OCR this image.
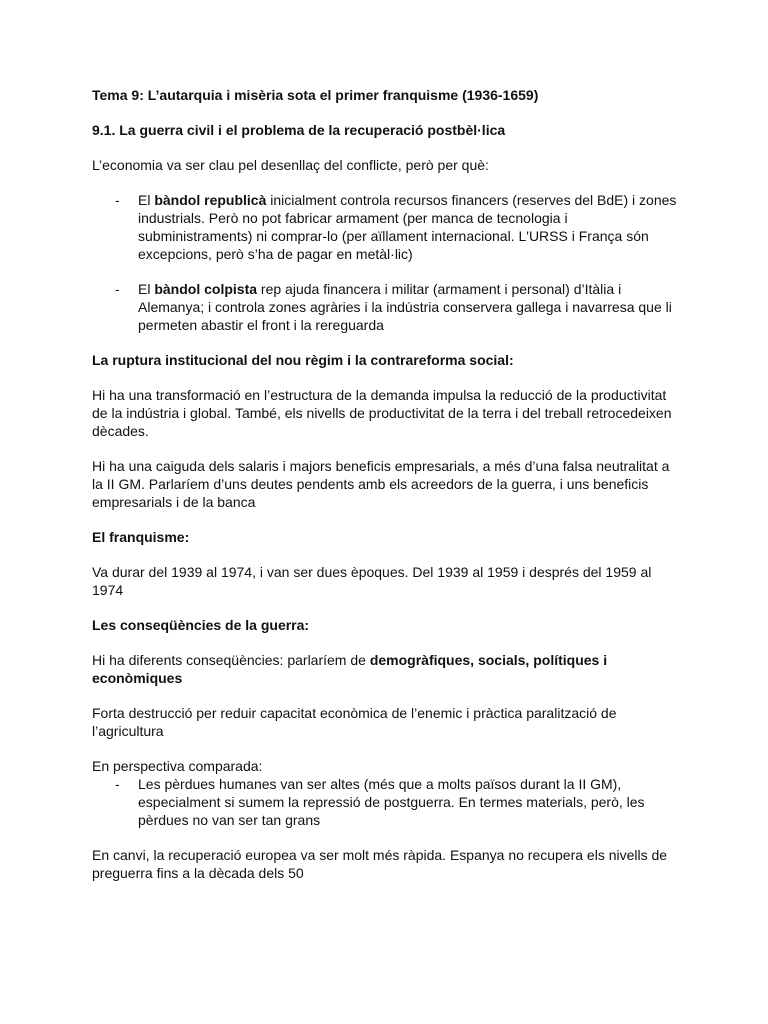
Tema 9: L’autarquia i misèria sota el primer franquisme (1936-1659)

9.1. La guerra civil i el problema de la recuperació postbèl·lica

L’economia va ser clau pel desenllaç del conflicte, però per què:

- El bàndol republicà inicialment controla recursos financers (reserves del BdE) i zones industrials. Però no pot fabricar armament (per manca de tecnologia i subministraments) ni comprar-lo (per aïllament internacional. L'URSS i França són excepcions, però s’ha de pagar en metàl·lic)
- El bàndol colpista rep ajuda financera i militar (armament i personal) d’Itàlia i Alemanya; i controla zones agràries i la indústria conservera gallega i navarresa que li permeten abastir el front i la rereguarda

La ruptura institucional del nou règim i la contrareforma social:

Hi ha una transformació en l’estructura de la demanda impulsa la reducció de la productivitat de la indústria i global. També, els nivells de productivitat de la terra i del treball retrocedeixen dècades.

Hi ha una caiguda dels salaris i majors beneficis empresarials, a més d’una falsa neutralitat a la II GM. Parlaríem d’uns deutes pendents amb els acreedors de la guerra, i uns beneficis empresarials i de la banca

El franquisme:

Va durar del 1939 al 1974, i van ser dues èpoques. Del 1939 al 1959 i després del 1959 al 1974

Les conseqüències de la guerra:

Hi ha diferents conseqüències: parlaríem de demogràfiques, socials, polítiques i econòmiques

Forta destrucció per reduir capacitat econòmica de l’enemic i pràctica paralització de l’agricultura

En perspectiva comparada:

- Les pèrdues humanes van ser altes (més que a molts països durant la II GM), especialment si sumem la repressió de postguerra. En termes materials, però, les pèrdues no van ser tan grans

En canvi, la recuperació europea va ser molt més ràpida. Espanya no recupera els nivells de preguerra fins a la dècada dels 50
